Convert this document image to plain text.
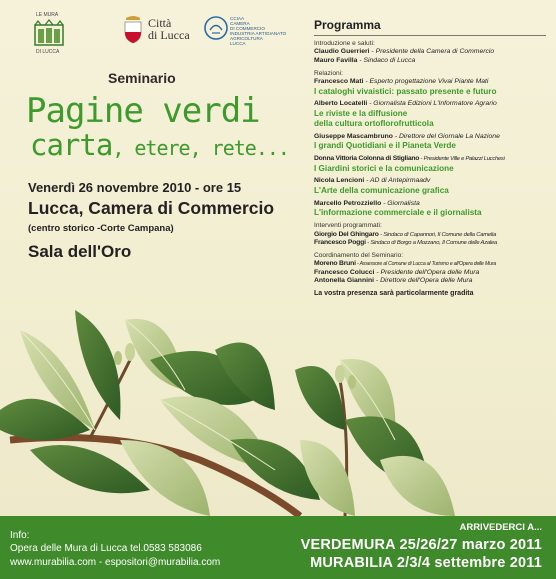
LE MURA
DI LUCCA
Città
di Lucca
CCIAA
CAMERA
DI COMMERCIO
INDUSTRIA ARTIGIANATO
AGRICOLTURA
LUCCA
Seminario
Pagine verdi
carta, etere, rete...
Venerdì 26 novembre 2010 - ore 15
Lucca, Camera di Commercio
(centro storico -Corte Campana)
Sala dell'Oro
Programma
Introduzione e saluti:
Claudio Guerrieri - Presidente della Camera di Commercio
Mauro Favilla - Sindaco di Lucca
Relazioni:
Francesco Mati - Esperto progettazione Vivai Piante Mati
I cataloghi vivaistici: passato presente e futuro
Alberto Locatelli - Giornalista Edizioni L'Informatore Agrario
Le riviste e la diffusione
della cultura ortoflorofrutticola
Giuseppe Mascambruno - Direttore del Giornale La Nazione
I grandi Quotidiani e il Pianeta Verde
Donna Vittoria Colonna di Stigliano - Presidente Ville e Palazzi Lucchesi
I Giardini storici e la comunicazione
Nicola Lencioni - AD di Antepirmaadv
L'Arte della comunicazione grafica
Marcello Petrozziello - Giornalista
L'informazione commerciale e il giornalista
Interventi programmati:
Giorgio Del Ghingaro - Sindaco di Capannori, Il Comune della Camelia
Francesco Poggi - Sindaco di Borgo a Mozzano, Il Comune delle Azalea
Coordinamento del Seminario:
Moreno Bruni - Assessore al Comune di Lucca al Turismo e all'Opera delle Mura
Francesco Colucci - Presidente dell'Opera delle Mura
Antonella Giannini - Direttore dell'Opera delle Mura
La vostra presenza sarà particolarmente gradita
Info:
Opera delle Mura di Lucca tel.0583 583086
www.murabilia.com - espositori@murabilia.com
ARRIVEDERCI A...
VERDEMURA 25/26/27 marzo 2011
MURABILIA 2/3/4 settembre 2011
